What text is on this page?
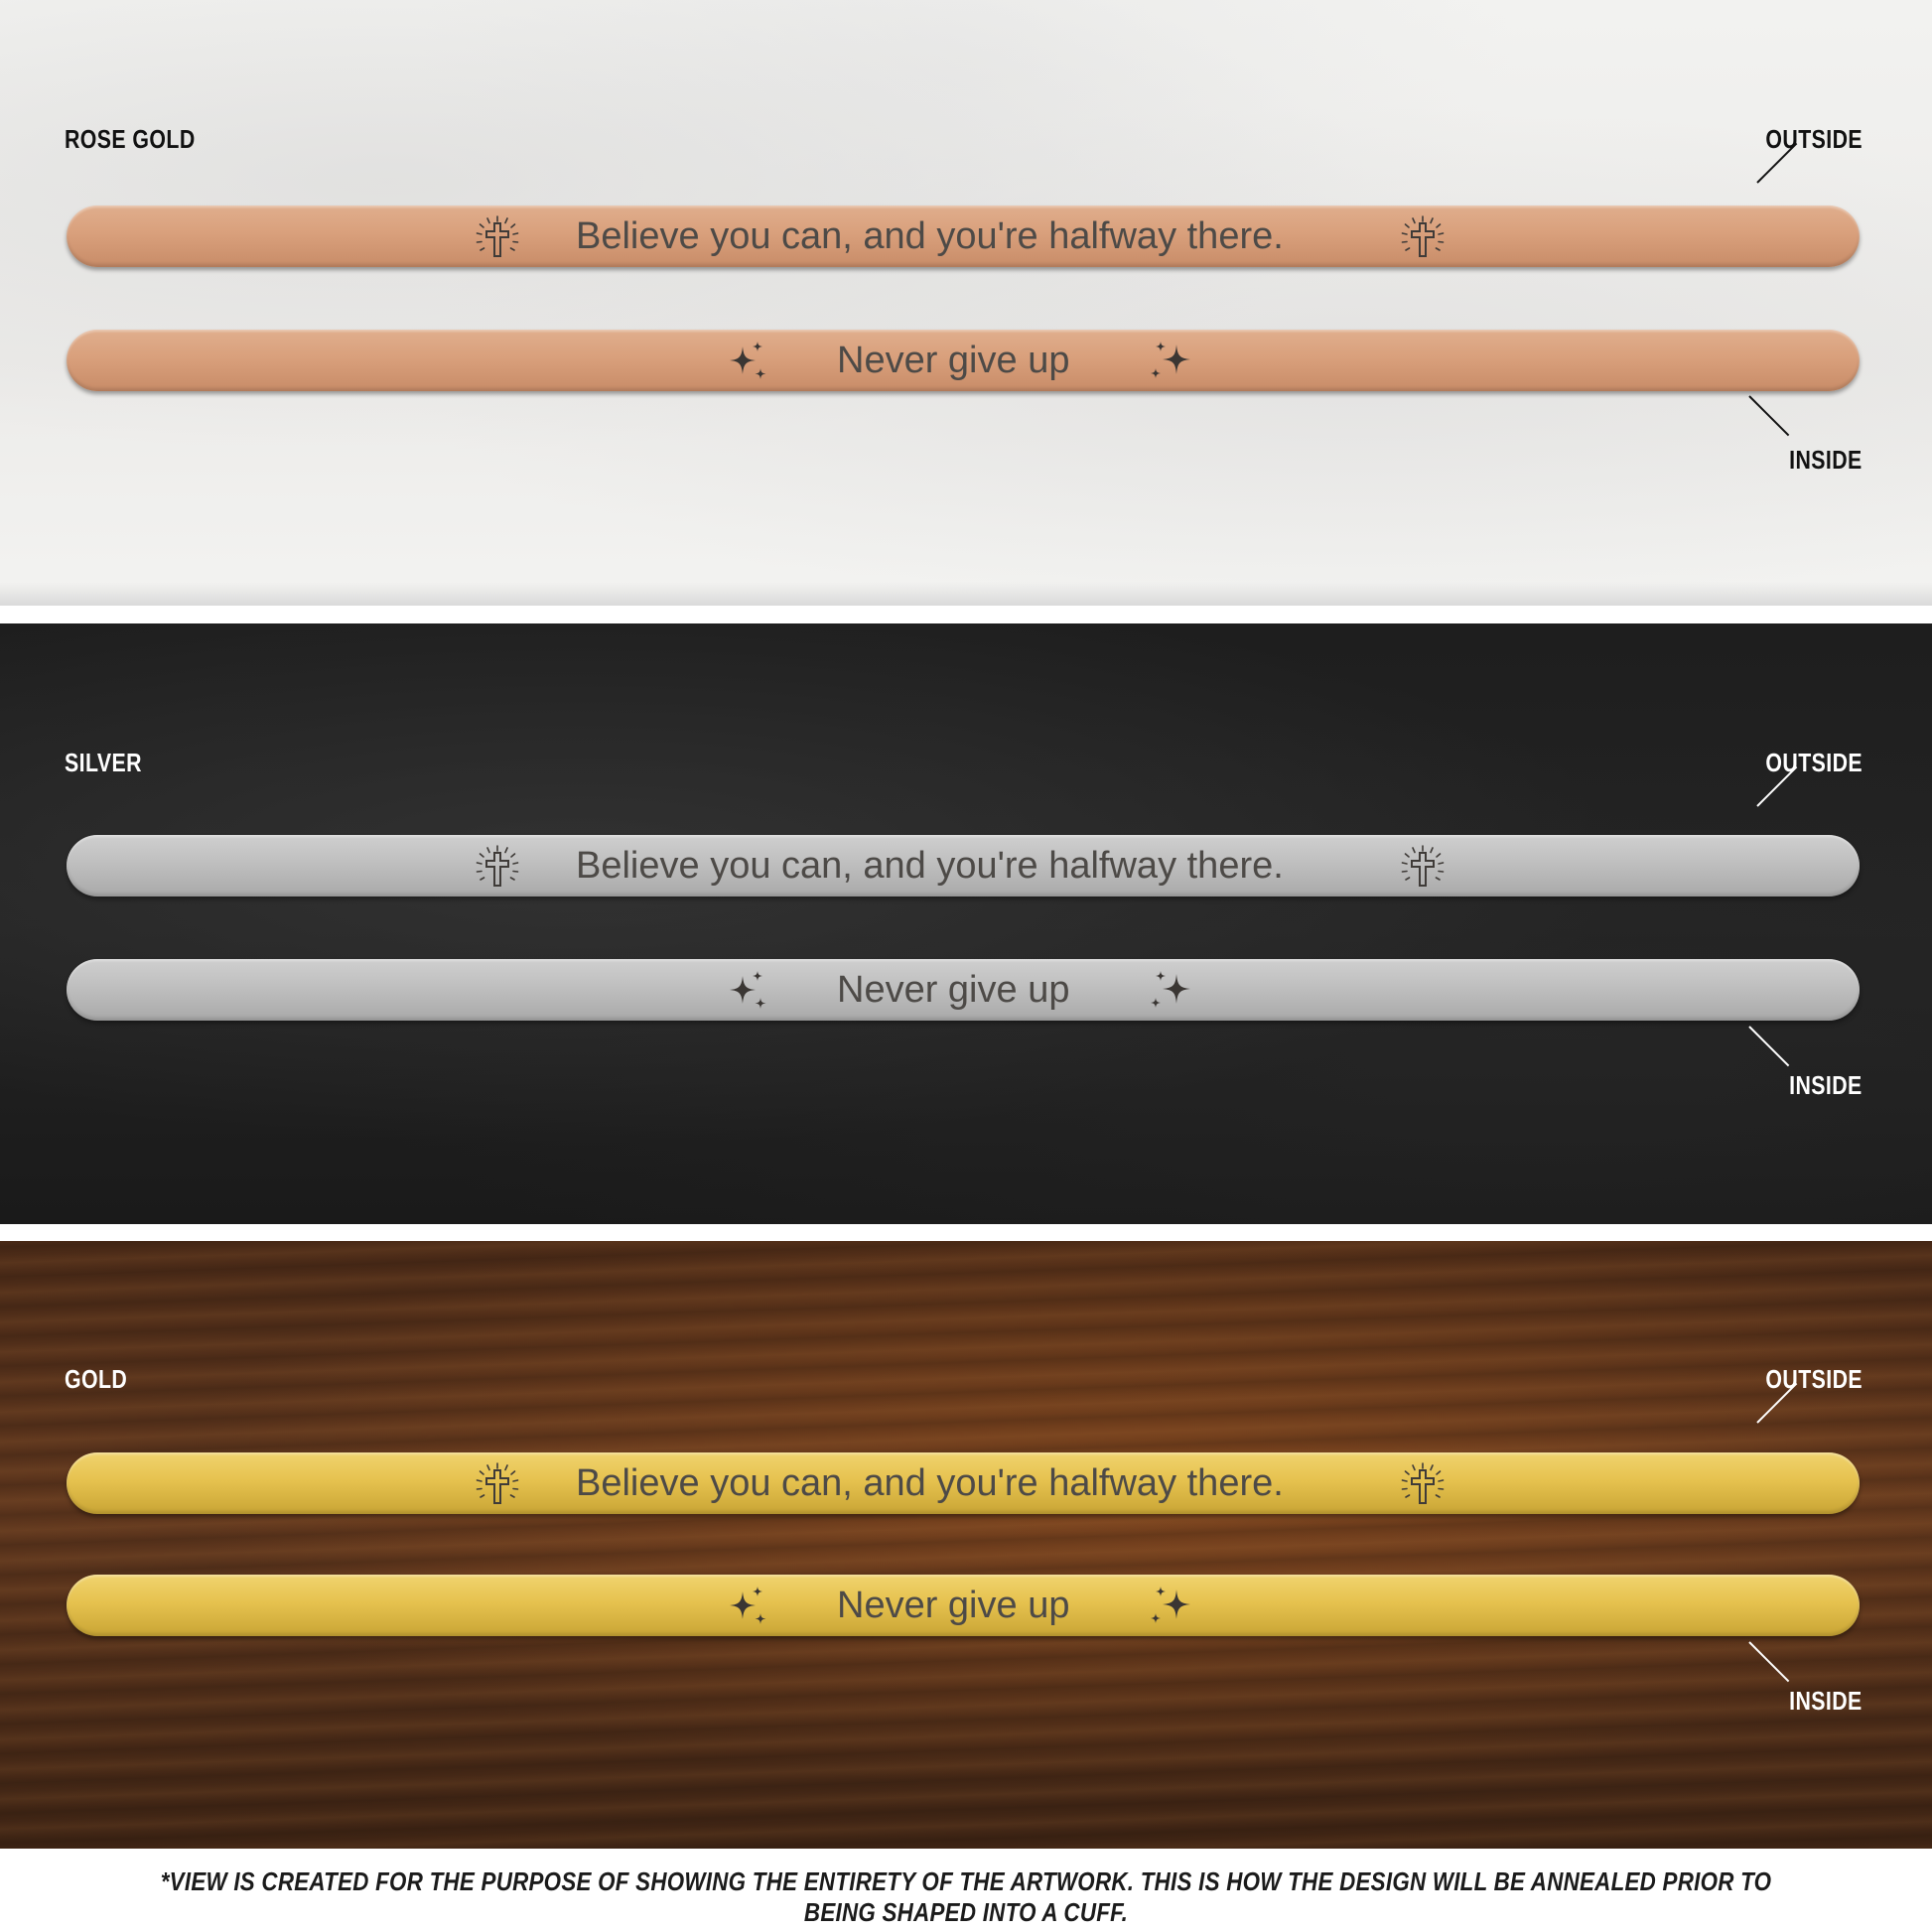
ROSE GOLD	OUTSIDE
Believe you can, and you're halfway there.
Never give up
INSIDE
SILVER	OUTSIDE
Believe you can, and you're halfway there.
Never give up
INSIDE
GOLD	OUTSIDE
Believe you can, and you're halfway there.
Never give up
INSIDE
*VIEW IS CREATED FOR THE PURPOSE OF SHOWING THE ENTIRETY OF THE ARTWORK. THIS IS HOW THE DESIGN WILL BE ANNEALED PRIOR TO BEING SHAPED INTO A CUFF.
